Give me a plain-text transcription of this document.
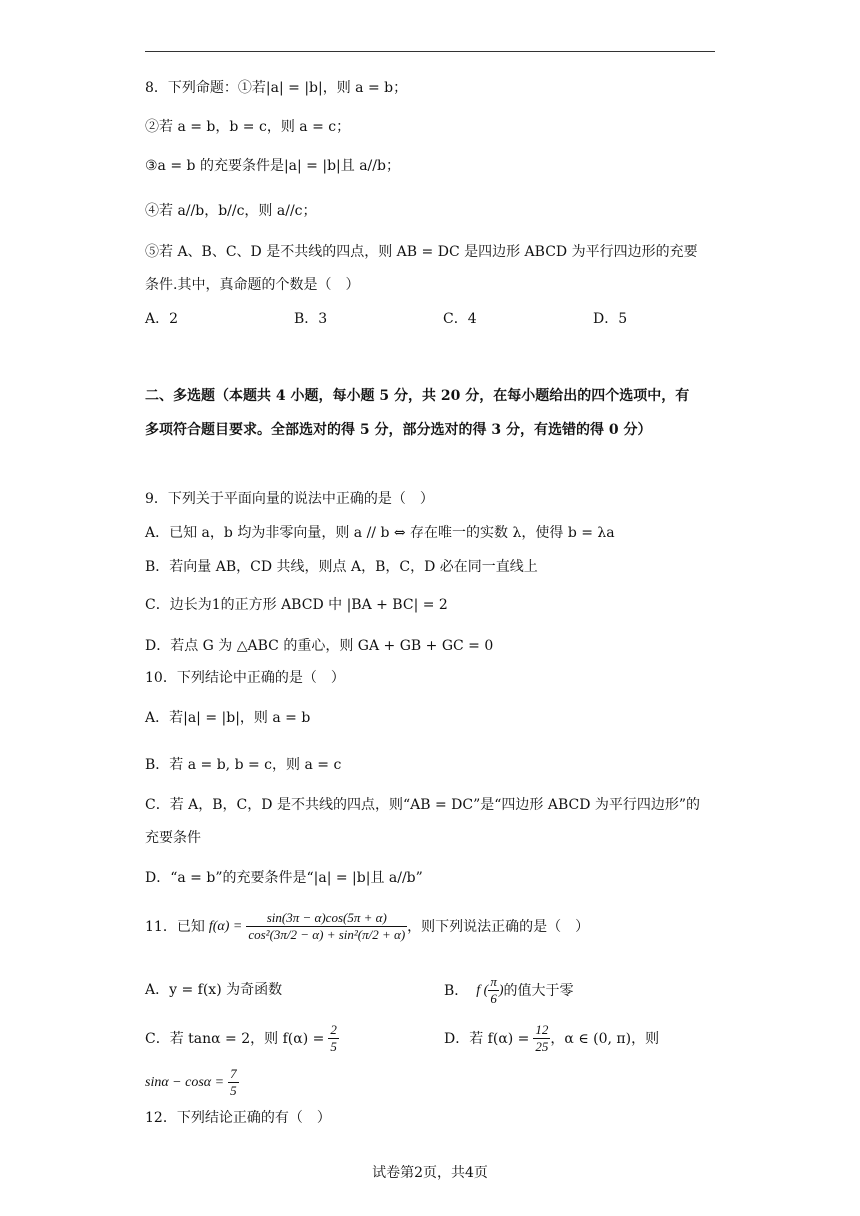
8．下列命题：①若|a| = |b|，则 a = b；
②若 a = b，b = c，则 a = c；
③a = b 的充要条件是|a| = |b|且 a//b；
④若 a//b，b//c，则 a//c；
⑤若 A、B、C、D 是不共线的四点，则 AB = DC 是四边形 ABCD 为平行四边形的充要
条件.其中，真命题的个数是（　）
A．2	B．3	C．4	D．5
二、多选题（本题共 4 小题，每小题 5 分，共 20 分，在每小题给出的四个选项中，有
多项符合题目要求。全部选对的得 5 分，部分选对的得 3 分，有选错的得 0 分）
9．下列关于平面向量的说法中正确的是（　）
A．已知 a，b 均为非零向量，则 a // b ⇔ 存在唯一的实数 λ，使得 b = λa
B．若向量 AB，CD 共线，则点 A，B，C，D 必在同一直线上
C．边长为1的正方形 ABCD 中 |BA + BC| = 2
D．若点 G 为 △ABC 的重心，则 GA + GB + GC = 0
10．下列结论中正确的是（　）
A．若|a| = |b|，则 a = b
B．若 a = b, b = c，则 a = c
C．若 A，B，C，D 是不共线的四点，则“AB = DC”是“四边形 ABCD 为平行四边形”的
充要条件
D．“a = b”的充要条件是“|a| = |b|且 a//b”
11．已知 $f(\alpha) = \frac{\sin(3\pi - \alpha)\cos(5\pi + \alpha)}{\text{cos²(3π/2 − α) + sin²(π/2 + α)}}$ ，则下列说法正确的是（　）
A．y = f(x) 为奇函数	B． f ( $\frac{\pi}{6}$ ) 的值大于零
C．若 tanα = 2，则 $f(\alpha) = \frac{2}{5}$	D．若 $f(\alpha) = \frac{12}{25}$ ，α ∈ (0, π)，则
$\sin\alpha - \cos\alpha = \frac{7}{5}$
12．下列结论正确的有（　）
试卷第2页，共4页
